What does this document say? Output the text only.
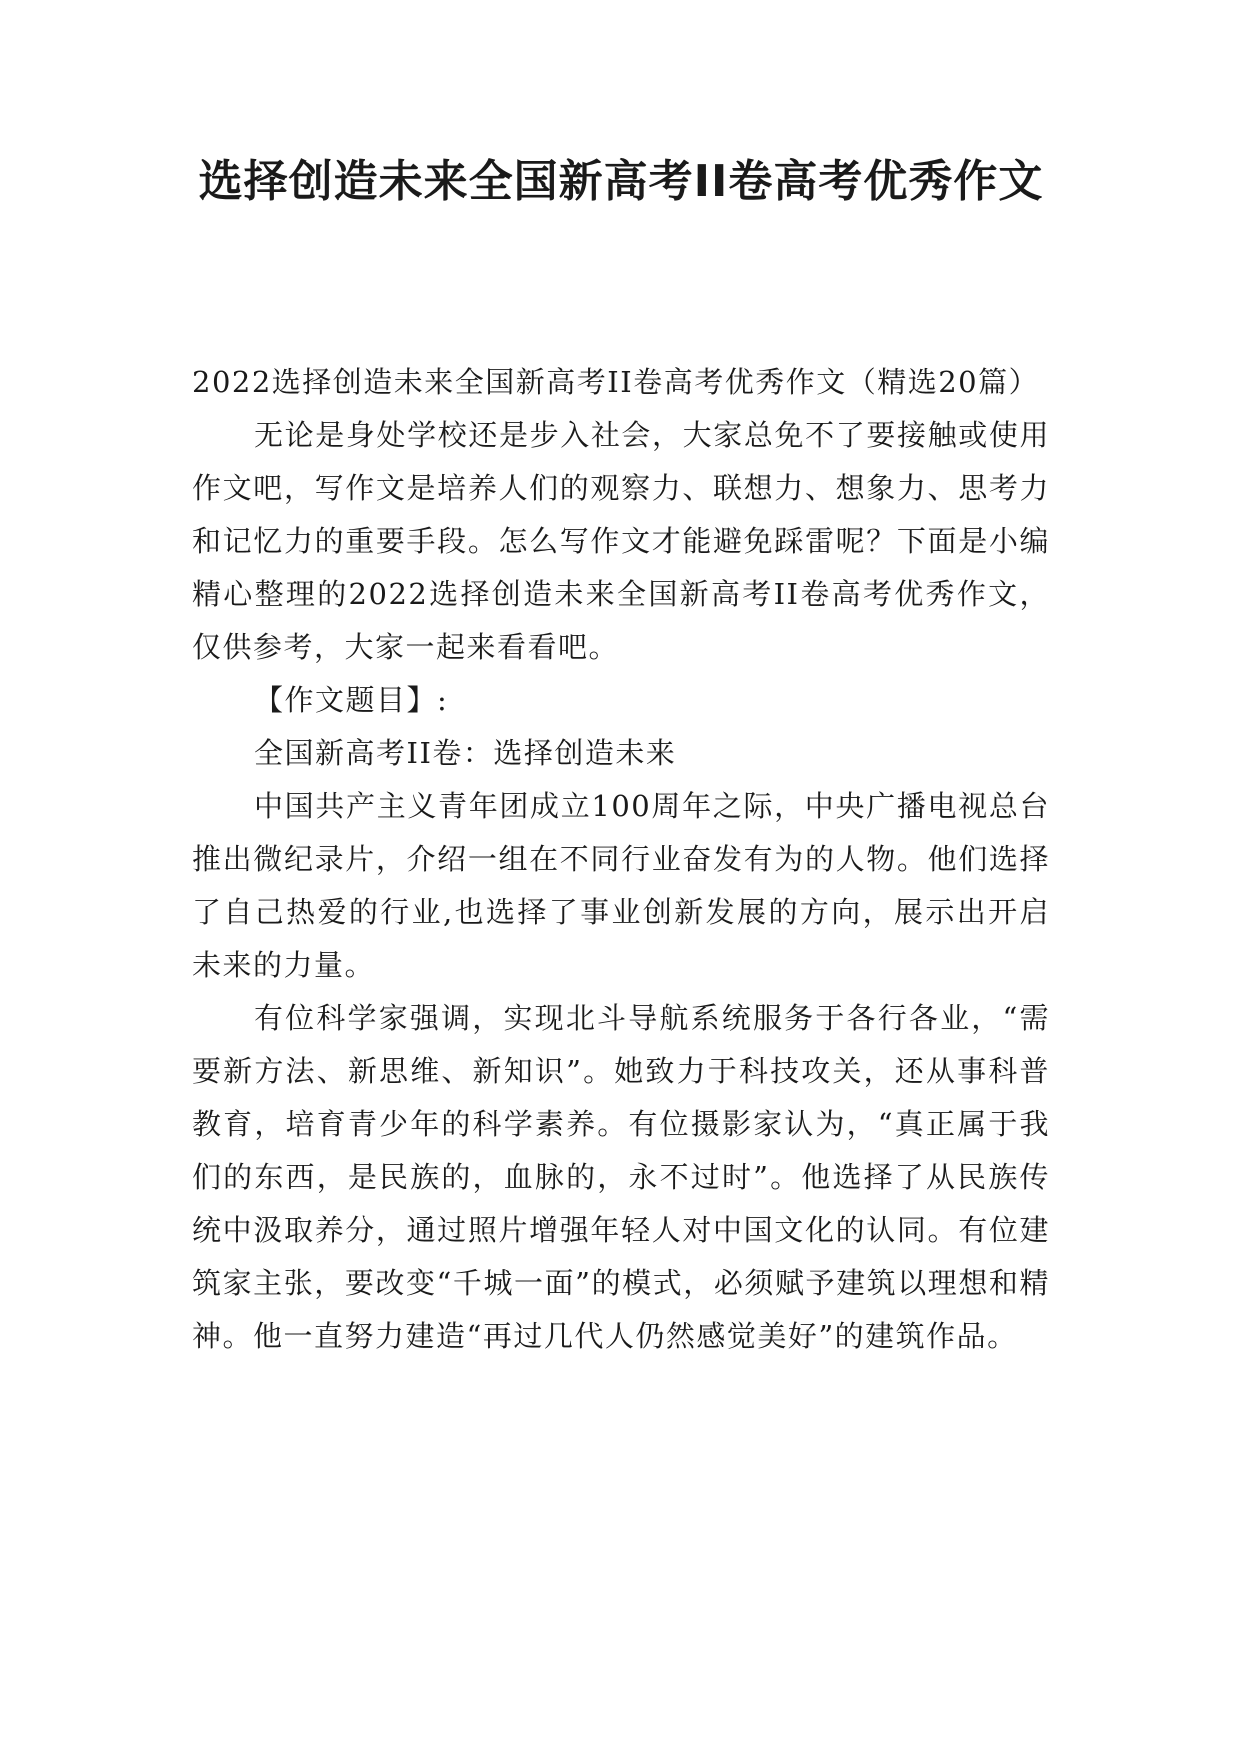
选择创造未来全国新高考II卷高考优秀作文

2022选择创造未来全国新高考II卷高考优秀作文（精选20篇）

无论是身处学校还是步入社会，大家总免不了要接触或使用作文吧，写作文是培养人们的观察力、联想力、想象力、思考力和记忆力的重要手段。怎么写作文才能避免踩雷呢？下面是小编精心整理的2022选择创造未来全国新高考II卷高考优秀作文，仅供参考，大家一起来看看吧。

【作文题目】:

全国新高考II卷：选择创造未来

中国共产主义青年团成立100周年之际，中央广播电视总台推出微纪录片，介绍一组在不同行业奋发有为的人物。他们选择了自己热爱的行业,也选择了事业创新发展的方向，展示出开启未来的力量。

有位科学家强调，实现北斗导航系统服务于各行各业，“需要新方法、新思维、新知识”。她致力于科技攻关，还从事科普教育，培育青少年的科学素养。有位摄影家认为，“真正属于我们的东西，是民族的，血脉的，永不过时”。他选择了从民族传统中汲取养分，通过照片增强年轻人对中国文化的认同。有位建筑家主张，要改变“千城一面”的模式，必须赋予建筑以理想和精神。他一直努力建造“再过几代人仍然感觉美好”的建筑作品。
